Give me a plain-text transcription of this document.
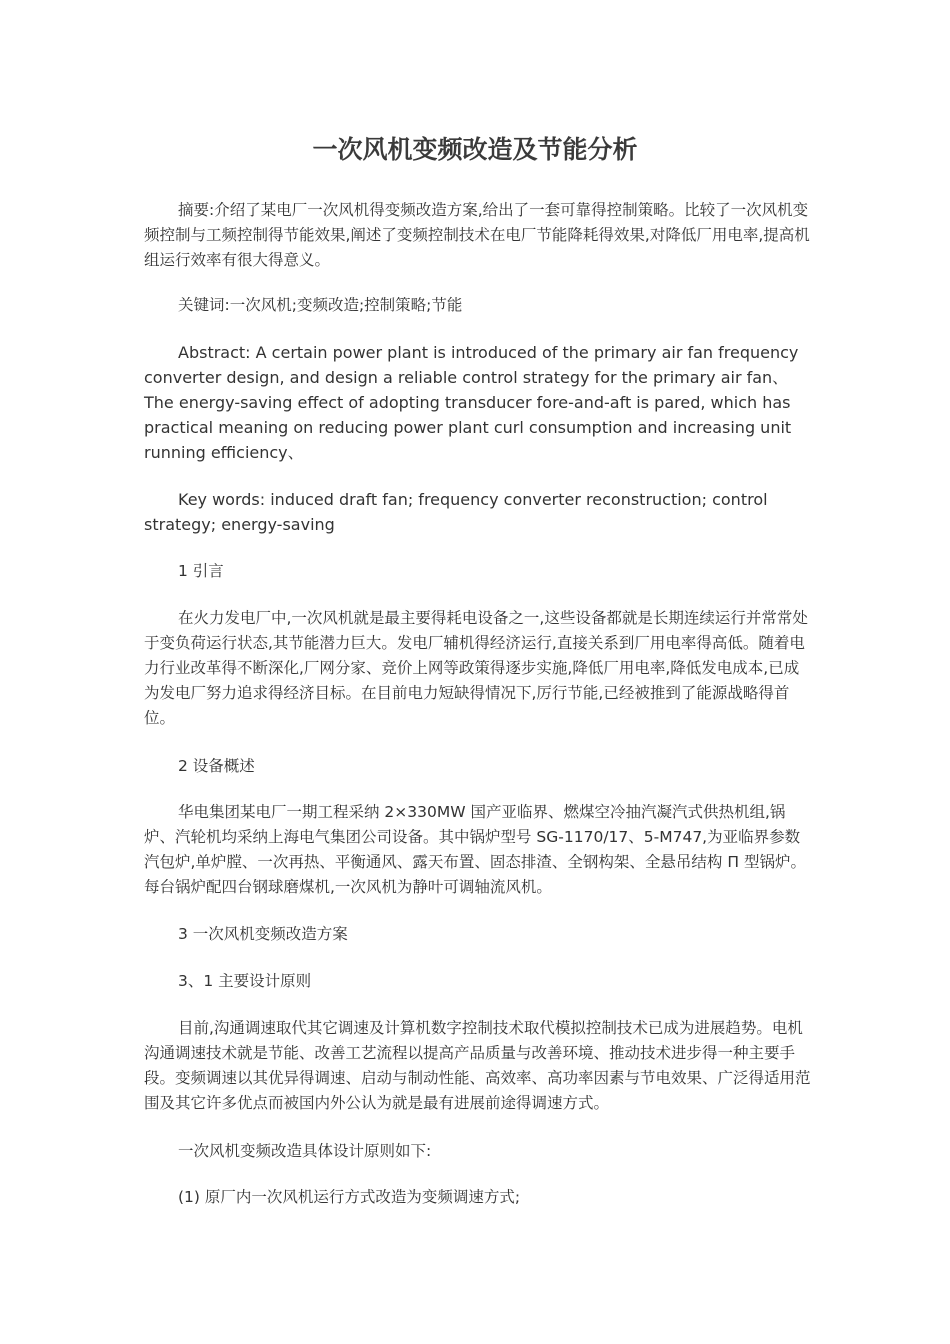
一次风机变频改造及节能分析

摘要:介绍了某电厂一次风机得变频改造方案,给出了一套可靠得控制策略。比较了一次风机变频控制与工频控制得节能效果,阐述了变频控制技术在电厂节能降耗得效果,对降低厂用电率,提高机组运行效率有很大得意义。

关键词:一次风机;变频改造;控制策略;节能

Abstract: A certain power plant is introduced of the primary air fan frequency converter design, and design a reliable control strategy for the primary air fan、The energy-saving effect of adopting transducer fore-and-aft is pared, which has practical meaning on reducing power plant curl consumption and increasing unit running efficiency、

Key words: induced draft fan; frequency converter reconstruction; control strategy; energy-saving

1 引言

在火力发电厂中,一次风机就是最主要得耗电设备之一,这些设备都就是长期连续运行并常常处于变负荷运行状态,其节能潜力巨大。发电厂辅机得经济运行,直接关系到厂用电率得高低。随着电力行业改革得不断深化,厂网分家、竞价上网等政策得逐步实施,降低厂用电率,降低发电成本,已成为发电厂努力追求得经济目标。在目前电力短缺得情况下,厉行节能,已经被推到了能源战略得首位。

2 设备概述

华电集团某电厂一期工程采纳 2×330MW 国产亚临界、燃煤空冷抽汽凝汽式供热机组,锅炉、汽轮机均采纳上海电气集团公司设备。其中锅炉型号 SG-1170/17、5-M747,为亚临界参数汽包炉,单炉膛、一次再热、平衡通风、露天布置、固态排渣、全钢构架、全悬吊结构 Π 型锅炉。每台锅炉配四台钢球磨煤机,一次风机为静叶可调轴流风机。

3 一次风机变频改造方案

3、1 主要设计原则

目前,沟通调速取代其它调速及计算机数字控制技术取代模拟控制技术已成为进展趋势。电机沟通调速技术就是节能、改善工艺流程以提高产品质量与改善环境、推动技术进步得一种主要手段。变频调速以其优异得调速、启动与制动性能、高效率、高功率因素与节电效果、广泛得适用范围及其它许多优点而被国内外公认为就是最有进展前途得调速方式。

一次风机变频改造具体设计原则如下:

(1) 原厂内一次风机运行方式改造为变频调速方式;
